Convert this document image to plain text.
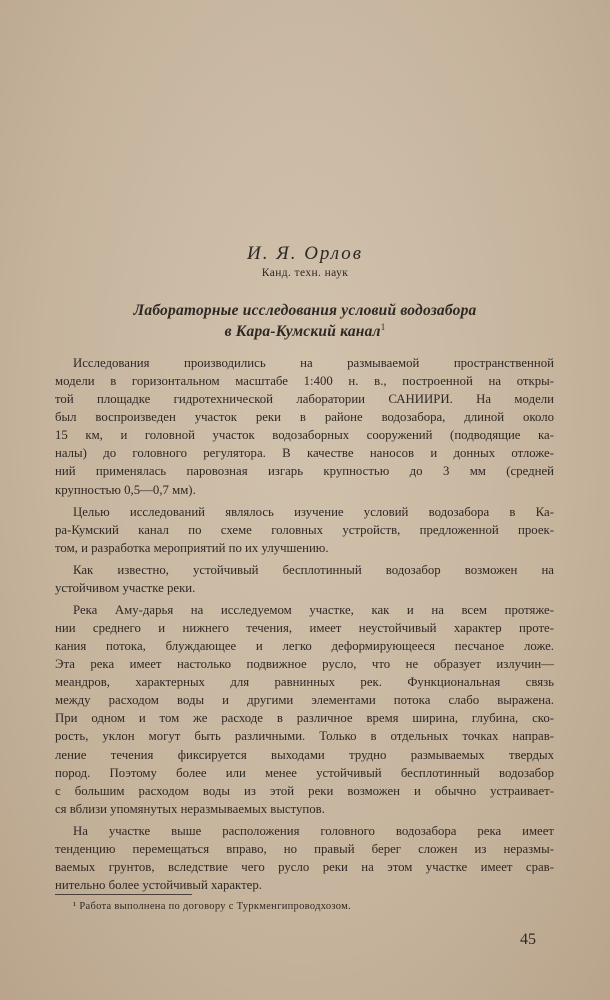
И. Я. Орлов
Канд. техн. наук
Лабораторные исследования условий водозабора
в Кара-Кумский канал$^1$
Исследования производились на размываемой пространственной
модели в горизонтальном масштабе 1:400 н. в., построенной на откры-
той площадке гидротехнической лаборатории САНИИРИ. На модели
был воспроизведен участок реки в районе водозабора, длиной около
15 км, и головной участок водозаборных сооружений (подводящие ка-
налы) до головного регулятора. В качестве наносов и донных отложе-
ний применялась паровозная изгарь крупностью до 3 мм (средней
крупностью 0,5—0,7 мм).
Целью исследований являлось изучение условий водозабора в Ка-
ра-Кумский канал по схеме головных устройств, предложенной проек-
том, и разработка мероприятий по их улучшению.
Как известно, устойчивый бесплотинный водозабор возможен на
устойчивом участке реки.
Река Аму-дарья на исследуемом участке, как и на всем протяже-
нии среднего и нижнего течения, имеет неустойчивый характер проте-
кания потока, блуждающее и легко деформирующееся песчаное ложе.
Эта река имеет настолько подвижное русло, что не образует излучин—
меандров, характерных для равнинных рек. Функциональная связь
между расходом воды и другими элементами потока слабо выражена.
При одном и том же расходе в различное время ширина, глубина, ско-
рость, уклон могут быть различными. Только в отдельных точках направ-
ление течения фиксируется выходами трудно размываемых твердых
пород. Поэтому более или менее устойчивый бесплотинный водозабор
с большим расходом воды из этой реки возможен и обычно устраивает-
ся вблизи упомянутых неразмываемых выступов.
На участке выше расположения головного водозабора река имеет
тенденцию перемещаться вправо, но правый берег сложен из неразмы-
ваемых грунтов, вследствие чего русло реки на этом участке имеет срав-
нительно более устойчивый характер.
¹ Работа выполнена по договору с Туркменгипроводхозом.
45
